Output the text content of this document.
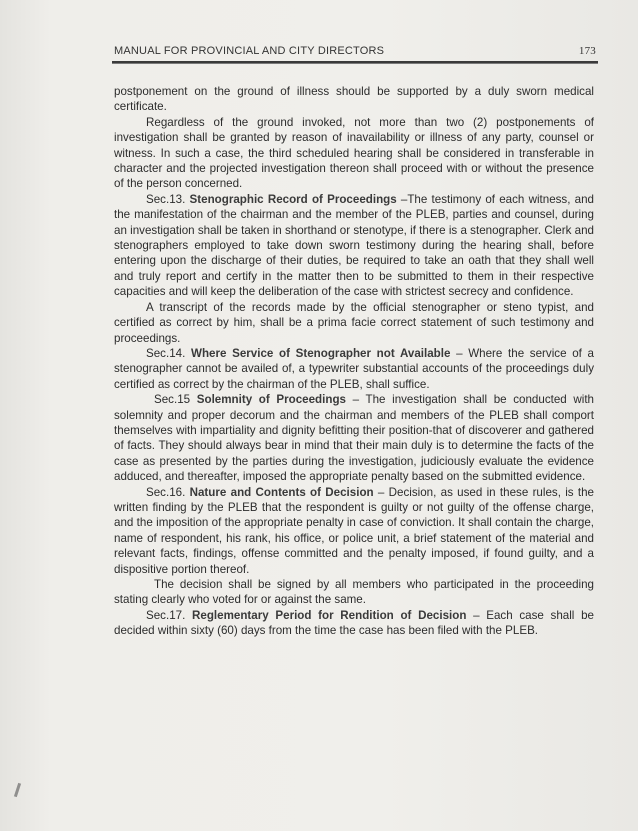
MANUAL FOR PROVINCIAL AND CITY DIRECTORS	173

postponement on the ground of illness should be supported by a duly sworn medical certificate.

Regardless of the ground invoked, not more than two (2) postponements of investigation shall be granted by reason of inavailability or illness of any party, counsel or witness. In such a case, the third scheduled hearing shall be considered in transferable in character and the projected investigation thereon shall proceed with or without the presence of the person concerned.

Sec.13. Stenographic Record of Proceedings –The testimony of each witness, and the manifestation of the chairman and the member of the PLEB, parties and counsel, during an investigation shall be taken in shorthand or stenotype, if there is a stenographer. Clerk and stenographers employed to take down sworn testimony during the hearing shall, before entering upon the discharge of their duties, be required to take an oath that they shall well and truly report and certify in the matter then to be submitted to them in their respective capacities and will keep the deliberation of the case with strictest secrecy and confidence.

A transcript of the records made by the official stenographer or steno typist, and certified as correct by him, shall be a prima facie correct statement of such testimony and proceedings.

Sec.14. Where Service of Stenographer not Available – Where the service of a stenographer cannot be availed of, a typewriter substantial accounts of the proceedings duly certified as correct by the chairman of the PLEB, shall suffice.

Sec.15 Solemnity of Proceedings – The investigation shall be conducted with solemnity and proper decorum and the chairman and members of the PLEB shall comport themselves with impartiality and dignity befitting their position-that of discoverer and gathered of facts. They should always bear in mind that their main duly is to determine the facts of the case as presented by the parties during the investigation, judiciously evaluate the evidence adduced, and thereafter, imposed the appropriate penalty based on the submitted evidence.

Sec.16. Nature and Contents of Decision – Decision, as used in these rules, is the written finding by the PLEB that the respondent is guilty or not guilty of the offense charge, and the imposition of the appropriate penalty in case of conviction. It shall contain the charge, name of respondent, his rank, his office, or police unit, a brief statement of the material and relevant facts, findings, offense committed and the penalty imposed, if found guilty, and a dispositive portion thereof.

The decision shall be signed by all members who participated in the proceeding stating clearly who voted for or against the same.

Sec.17. Reglementary Period for Rendition of Decision – Each case shall be decided within sixty (60) days from the time the case has been filed with the PLEB.
